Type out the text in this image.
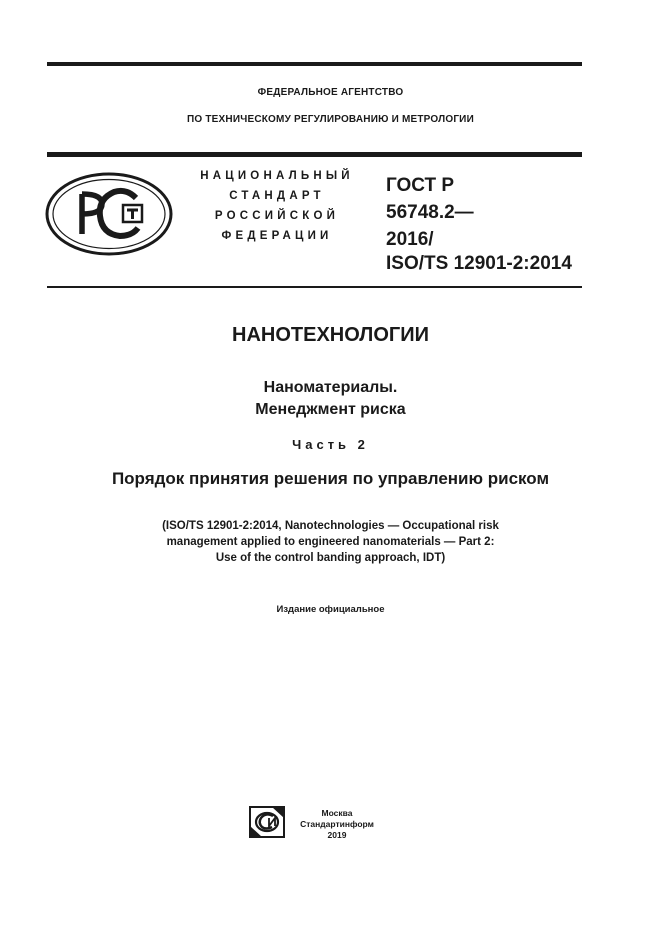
ФЕДЕРАЛЬНОЕ АГЕНТСТВО
ПО ТЕХНИЧЕСКОМУ РЕГУЛИРОВАНИЮ И МЕТРОЛОГИИ
НАЦИОНАЛЬНЫЙ
СТАНДАРТ
РОССИЙСКОЙ
ФЕДЕРАЦИИ
ГОСТ Р
56748.2—
2016/
ISO/TS 12901-2:2014
НАНОТЕХНОЛОГИИ
Наноматериалы.
Менеджмент риска
Часть 2
Порядок принятия решения по управлению риском
(ISO/TS 12901-2:2014, Nanotechnologies — Occupational risk
management applied to engineered nanomaterials — Part 2:
Use of the control banding approach, IDT)
Издание официальное
Москва
Стандартинформ
2019
